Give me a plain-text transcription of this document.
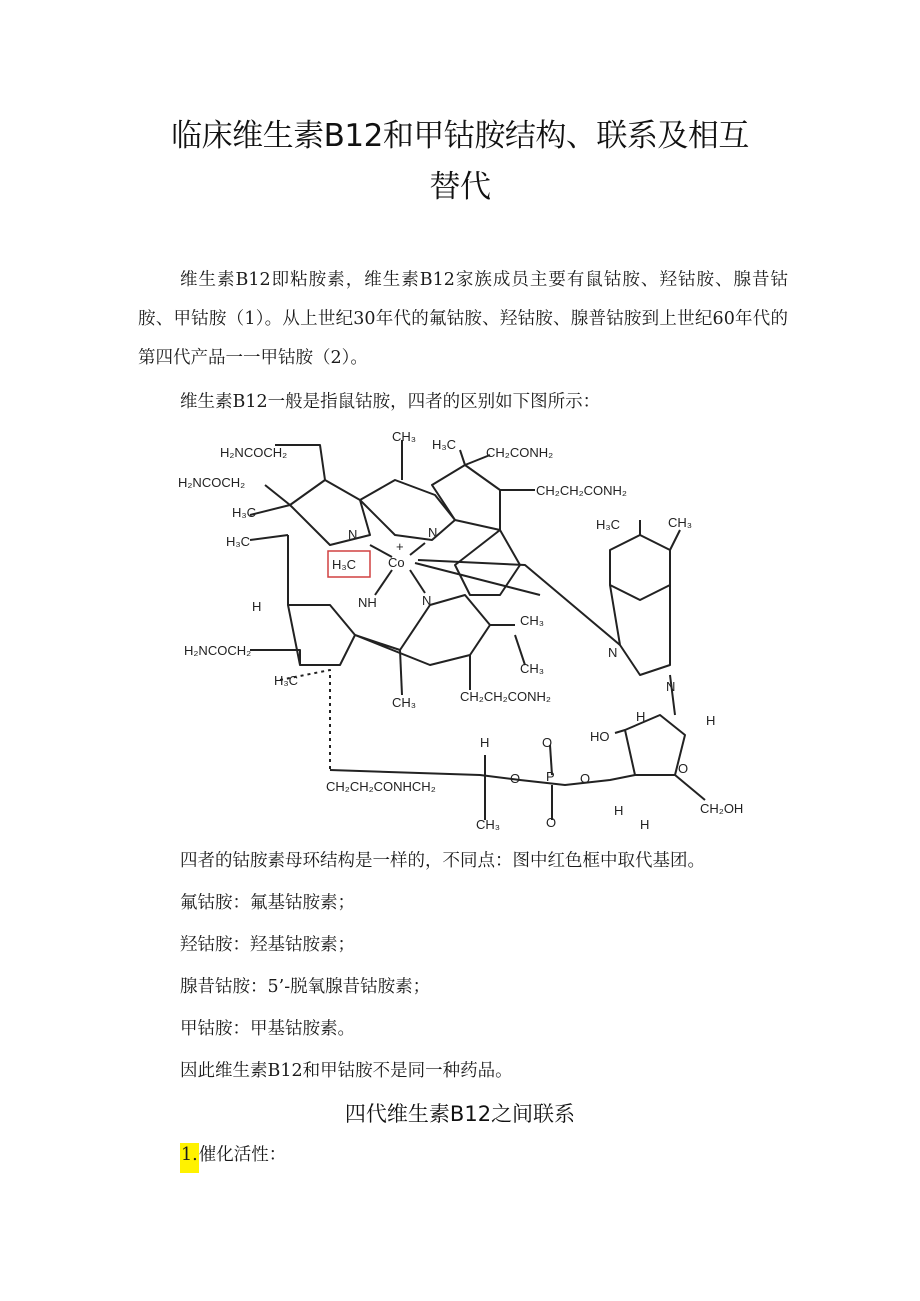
临床维生素B12和甲钴胺结构、联系及相互
替代
维生素B12即粘胺素，维生素B12家族成员主要有鼠钴胺、羟钴胺、腺昔钴胺、甲钴胺（1）。从上世纪30年代的氟钴胺、羟钴胺、腺普钴胺到上世纪60年代的第四代产品一一甲钴胺（2）。
维生素B12一般是指鼠钴胺，四者的区别如下图所示：
H₂NCOCH₂
H₂NCOCH₂
H₃C
H₃C
CH₃
H₃C
CH₂CONH₂
CH₂CH₂CONH₂
N	N
H₃C Co
+
H	NH	N
H₂NCOCH₂
H₃C
CH₃
CH₃
CH₃
CH₂CH₂CONH₂
H₃C	CH₃
N
N
H	H
HO
O
H
H
CH₂OH
O
P O
O
O
H
CH₂CH₂CONHCH₂
CH₃
四者的钴胺素母环结构是一样的，不同点：图中红色框中取代基团。
氟钴胺：氟基钴胺素；
羟钴胺：羟基钴胺素；
腺昔钴胺：5’-脱氧腺昔钴胺素；
甲钴胺：甲基钴胺素。
因此维生素B12和甲钴胺不是同一种药品。
四代维生素B12之间联系
1.催化活性：
